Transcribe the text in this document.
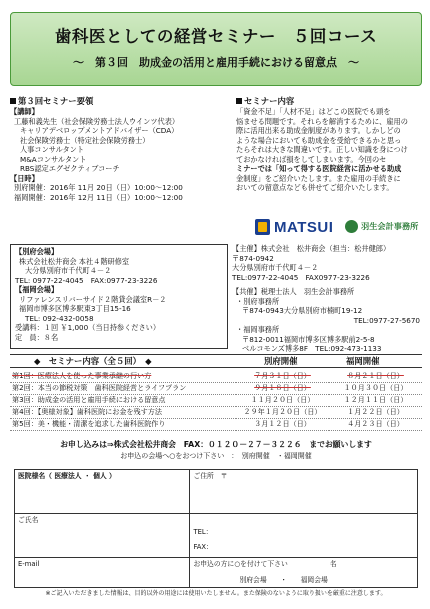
歯科医としての経営セミナー　５回コース
～　第３回　助成金の活用と雇用手続における留意点　～
第３回セミナー要領
【講師】
工藤和義先生（社会保険労務士法人ウインツ代表）
キャリアデベロップメントアドバイザー（CDA）
社会保険労務士（特定社会保険労務士）
人事コンサルタント
M&Aコンサルタント
RBS認定エグゼクティブコーチ
【日時】
別府開催：2016年 11月 20日（日）10:00～12:00
福岡開催：2016年 12月 11日（日）10:00～12:00
セミナー内容
「資金不足」「人材不足」はどこの医院でも頭を
悩ませる問題です。それらを解消するために、雇用の
際に活用出来る助成金制度があります。しかしどの
ような場合においても助成金を受給できるかと思っ
たらそれは大きな間違いです。正しい知識を身につけ
ておかなければ損をしてしまいます。今回のセ
ミナーでは「知って得する医院経営に活かせる助成
金制度」をご紹介いたします。また雇用の手続きに
おいての留意点なども併せてご紹介いたします。
MATSUI	羽生会計事務所
【別府会場】
株式会社松井商会 本社４階研修室
大分県別府市千代町４－２
TEL: 0977-22-4045　FAX:0977-23-3226
【福岡会場】
リファレンスリバーサイド２階貸会議室R－２
福岡市博多区博多駅東3丁目15-16
TEL: 092-432-0058
受講料：１回 ￥1,000（当日持参ください）
定　員：８名
【主催】株式会社　松井商会（担当：松井健郎）
〒874-0942
大分県別府市千代町４－２
TEL:0977-22-4045　FAX0977-23-3226
【共催】税理士法人　羽生会計事務所
・別府事務所
〒874-0943大分県別府市楠町19-12
TEL:0977-27-5670
・福岡事務所
〒812-0011福岡市博多区博多駅前2-5-8
ベルコモンズ博多8F　TEL:092-473-1133
◆　セミナー内容（全５回）　◆	別府開催	福岡開催
第1回：医療法人を使った事業承継の行い方	７月３１日（日）	８月２１日（日）
第2回：本当の節税対策　歯科医院経営とライフプラン	９月１８日（日）	１０月３０日（日）
第3回：助成金の活用と雇用手続における留意点	１１月２０日（日）	１２月１１日（日）
第4回：【奥様対象】歯科医院にお金を残す方法	２９年１月２０日（日）	１月２２日（日）
第5回：美・機能・清潔を追求した歯科医院作り	３月１２日（日）	４月２３日（日）
お申し込みは⇒株式会社松井商会　FAX：０１２０－２７－３２２６　までお願いします
お申込の会場へ○をおつけ下さい　：　別府開催　・福岡開催
医院様名（ 医療法人 ・ 個人 ）	ご住所　〒
ご氏名	TEL：
FAX：

E-mail	お申込の方に○を付けて下さい 名
別府会場　　・　　福岡会場
※ご記入いただきました情報は、目的以外の用途には使用いたしません。また保険のないように取り扱いを厳重に注意します。
